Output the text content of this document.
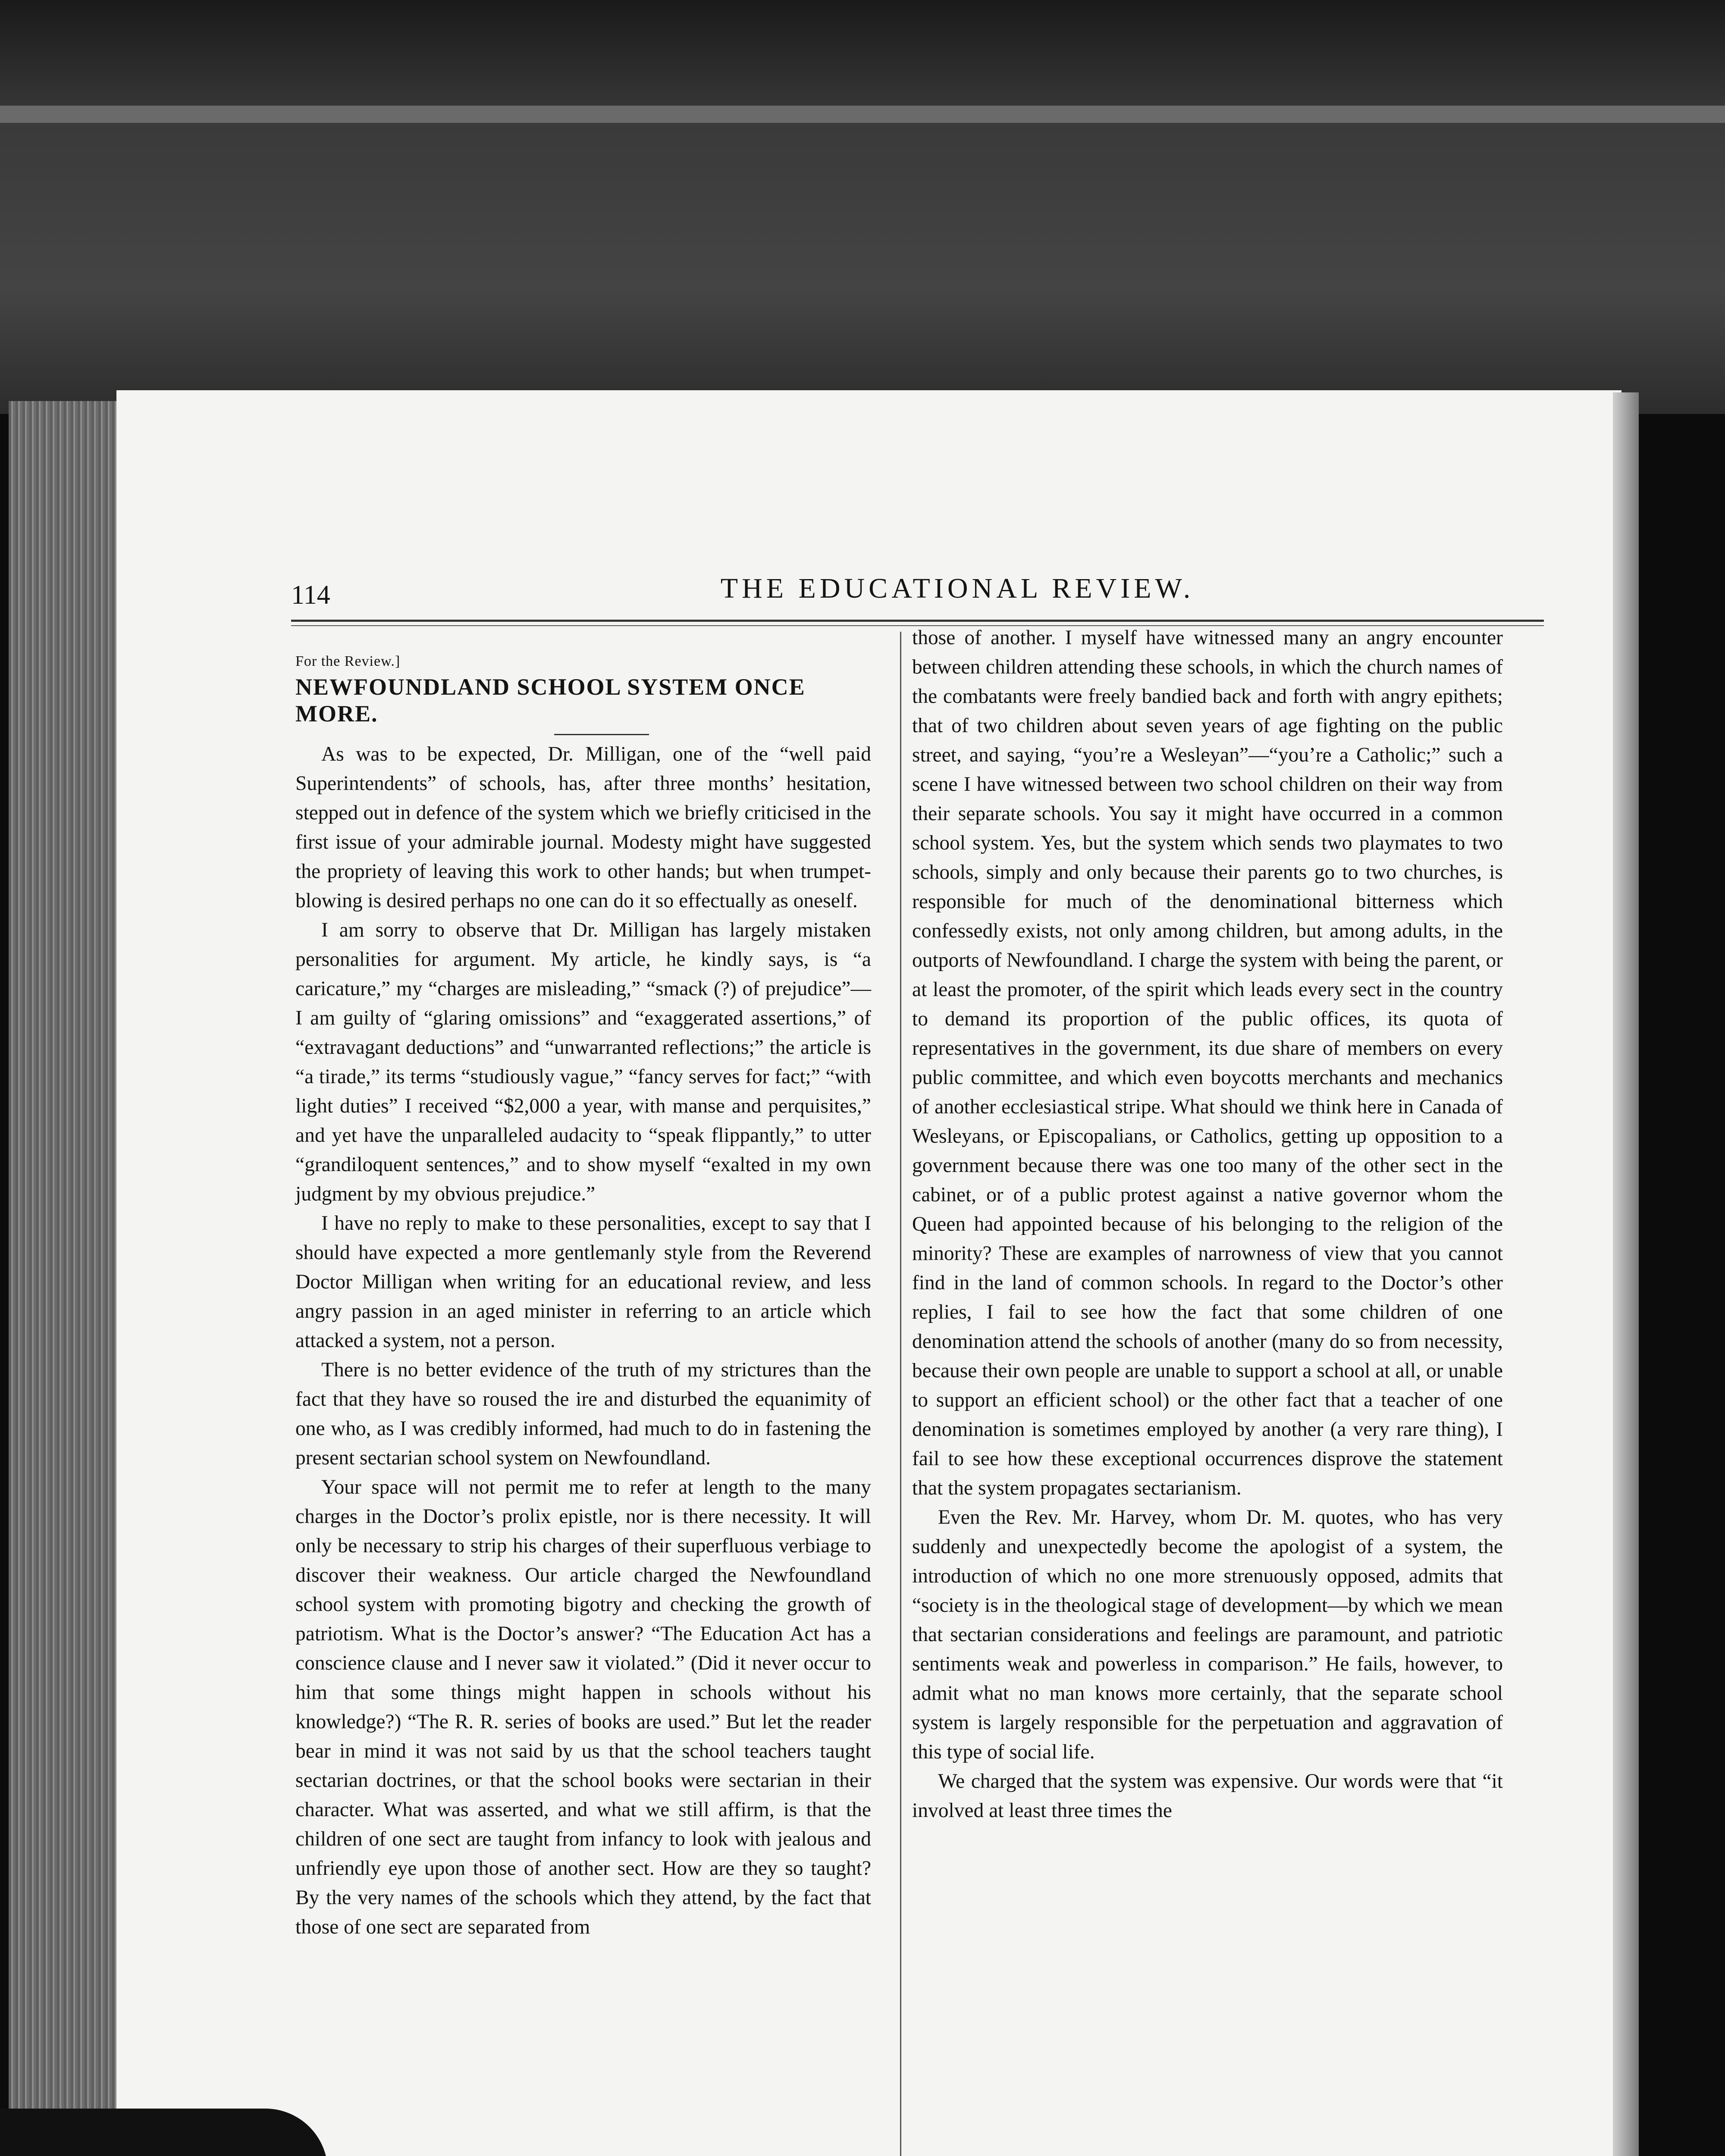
114	THE EDUCATIONAL REVIEW.
For the Review.]
NEWFOUNDLAND SCHOOL SYSTEM ONCE MORE.

As was to be expected, Dr. Milligan, one of the “well paid Superintendents” of schools, has, after three months’ hesitation, stepped out in defence of the system which we briefly criticised in the first issue of your admirable journal. Modesty might have suggested the propriety of leaving this work to other hands; but when trumpet-blowing is desired perhaps no one can do it so effectually as oneself.

I am sorry to observe that Dr. Milligan has largely mistaken personalities for argument. My article, he kindly says, is “a caricature,” my “charges are misleading,” “smack (?) of prejudice”—I am guilty of “glaring omissions” and “exaggerated assertions,” of “extravagant deductions” and “unwarranted reflections;” the article is “a tirade,” its terms “studiously vague,” “fancy serves for fact;” “with light duties” I received “$2,000 a year, with manse and perquisites,” and yet have the unparalleled audacity to “speak flippantly,” to utter “grandiloquent sentences,” and to show myself “exalted in my own judgment by my obvious prejudice.”

I have no reply to make to these personalities, except to say that I should have expected a more gentlemanly style from the Reverend Doctor Milligan when writing for an educational review, and less angry passion in an aged minister in referring to an article which attacked a system, not a person.

There is no better evidence of the truth of my strictures than the fact that they have so roused the ire and disturbed the equanimity of one who, as I was credibly informed, had much to do in fastening the present sectarian school system on Newfoundland.

Your space will not permit me to refer at length to the many charges in the Doctor’s prolix epistle, nor is there necessity. It will only be necessary to strip his charges of their superfluous verbiage to discover their weakness. Our article charged the Newfoundland school system with promoting bigotry and checking the growth of patriotism. What is the Doctor’s answer? “The Education Act has a conscience clause and I never saw it violated.” (Did it never occur to him that some things might happen in schools without his knowledge?) “The R. R. series of books are used.” But let the reader bear in mind it was not said by us that the school teachers taught sectarian doctrines, or that the school books were sectarian in their character. What was asserted, and what we still affirm, is that the children of one sect are taught from infancy to look with jealous and unfriendly eye upon those of another sect. How are they so taught? By the very names of the schools which they attend, by the fact that those of one sect are separated from

those of another. I myself have witnessed many an angry encounter between children attending these schools, in which the church names of the combatants were freely bandied back and forth with angry epithets; that of two children about seven years of age fighting on the public street, and saying, “you’re a Wesleyan”—“you’re a Catholic;” such a scene I have witnessed between two school children on their way from their separate schools. You say it might have occurred in a common school system. Yes, but the system which sends two playmates to two schools, simply and only because their parents go to two churches, is responsible for much of the denominational bitterness which confessedly exists, not only among children, but among adults, in the outports of Newfoundland. I charge the system with being the parent, or at least the promoter, of the spirit which leads every sect in the country to demand its proportion of the public offices, its quota of representatives in the government, its due share of members on every public committee, and which even boycotts merchants and mechanics of another ecclesiastical stripe. What should we think here in Canada of Wesleyans, or Episcopalians, or Catholics, getting up opposition to a government because there was one too many of the other sect in the cabinet, or of a public protest against a native governor whom the Queen had appointed because of his belonging to the religion of the minority? These are examples of narrowness of view that you cannot find in the land of common schools. In regard to the Doctor’s other replies, I fail to see how the fact that some children of one denomination attend the schools of another (many do so from necessity, because their own people are unable to support a school at all, or unable to support an efficient school) or the other fact that a teacher of one denomination is sometimes employed by another (a very rare thing), I fail to see how these exceptional occurrences disprove the statement that the system propagates sectarianism.

Even the Rev. Mr. Harvey, whom Dr. M. quotes, who has very suddenly and unexpectedly become the apologist of a system, the introduction of which no one more strenuously opposed, admits that “society is in the theological stage of development—by which we mean that sectarian considerations and feelings are paramount, and patriotic sentiments weak and powerless in comparison.” He fails, however, to admit what no man knows more certainly, that the separate school system is largely responsible for the perpetuation and aggravation of this type of social life.

We charged that the system was expensive. Our words were that “it involved at least three times the
